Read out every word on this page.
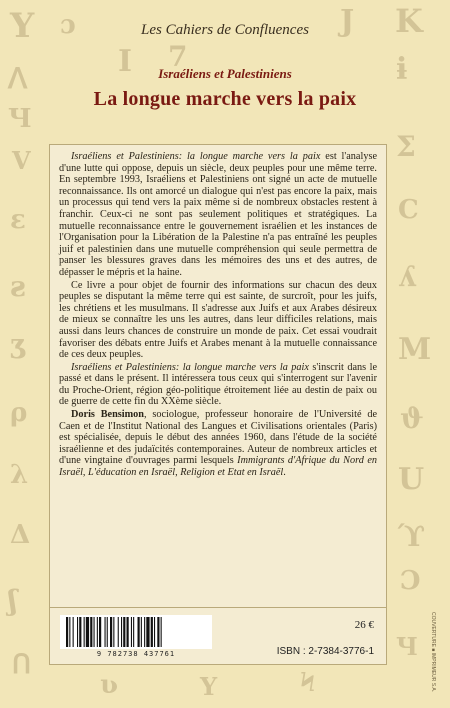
Y ɔ	J K
ᐱ	I 7	ɨ
Ч
V	Σ
ɛ	C
ƨ	ʎ
Ʒ	M
ρ	ϑ
λ	U
Δ	ϓ
ʃ
Ɔ
ᑎ
ʋ	Y	Ϟ
Ч
Les Cahiers de Confluences
Israéliens et Palestiniens
La longue marche vers la paix

Israéliens et Palestiniens: la longue marche vers la paix est l'analyse d'une lutte qui oppose, depuis un siècle, deux peuples pour une même terre. En septembre 1993, Israéliens et Palestiniens ont signé un acte de mutuelle reconnaissance. Ils ont amorcé un dialogue qui n'est pas encore la paix, mais un processus qui tend vers la paix même si de nombreux obstacles restent à franchir. Ceux-ci ne sont pas seulement politiques et stratégiques. La mutuelle reconnaissance entre le gouvernement israélien et les instances de l'Organisation pour la Libération de la Palestine n'a pas entraîné les peuples juif et palestinien dans une mutuelle compréhension qui seule permettra de panser les blessures graves dans les mémoires des uns et des autres, de dépasser le mépris et la haine.

Ce livre a pour objet de fournir des informations sur chacun des deux peuples se disputant la même terre qui est sainte, de surcroît, pour les juifs, les chrétiens et les musulmans. Il s'adresse aux Juifs et aux Arabes désireux de mieux se connaître les uns les autres, dans leur difficiles relations, mais aussi dans leurs chances de construire un monde de paix. Cet essai voudrait favoriser des débats entre Juifs et Arabes menant à la mutuelle connaissance de ces deux peuples.

Israéliens et Palestiniens: la longue marche vers la paix s'inscrit dans le passé et dans le présent. Il intéressera tous ceux qui s'interrogent sur l'avenir du Proche-Orient, région géo-politique étroitement liée au destin de paix ou de guerre de cette fin du XXème siècle.

Doris Bensimon, sociologue, professeur honoraire de l'Université de Caen et de l'Institut National des Langues et Civilisations orientales (Paris) est spécialisée, depuis le début des années 1960, dans l'étude de la société israélienne et des judaïcités contemporaines. Auteur de nombreux articles et d'une vingtaine d'ouvrages parmi lesquels Immigrants d'Afrique du Nord en Israël, L'éducation en Israël, Religion et Etat en Israël.

9 782738 437761
26 €
ISBN : 2-7384-3776-1	COUVERTURE ■ IMPRIMEUR S.A.
